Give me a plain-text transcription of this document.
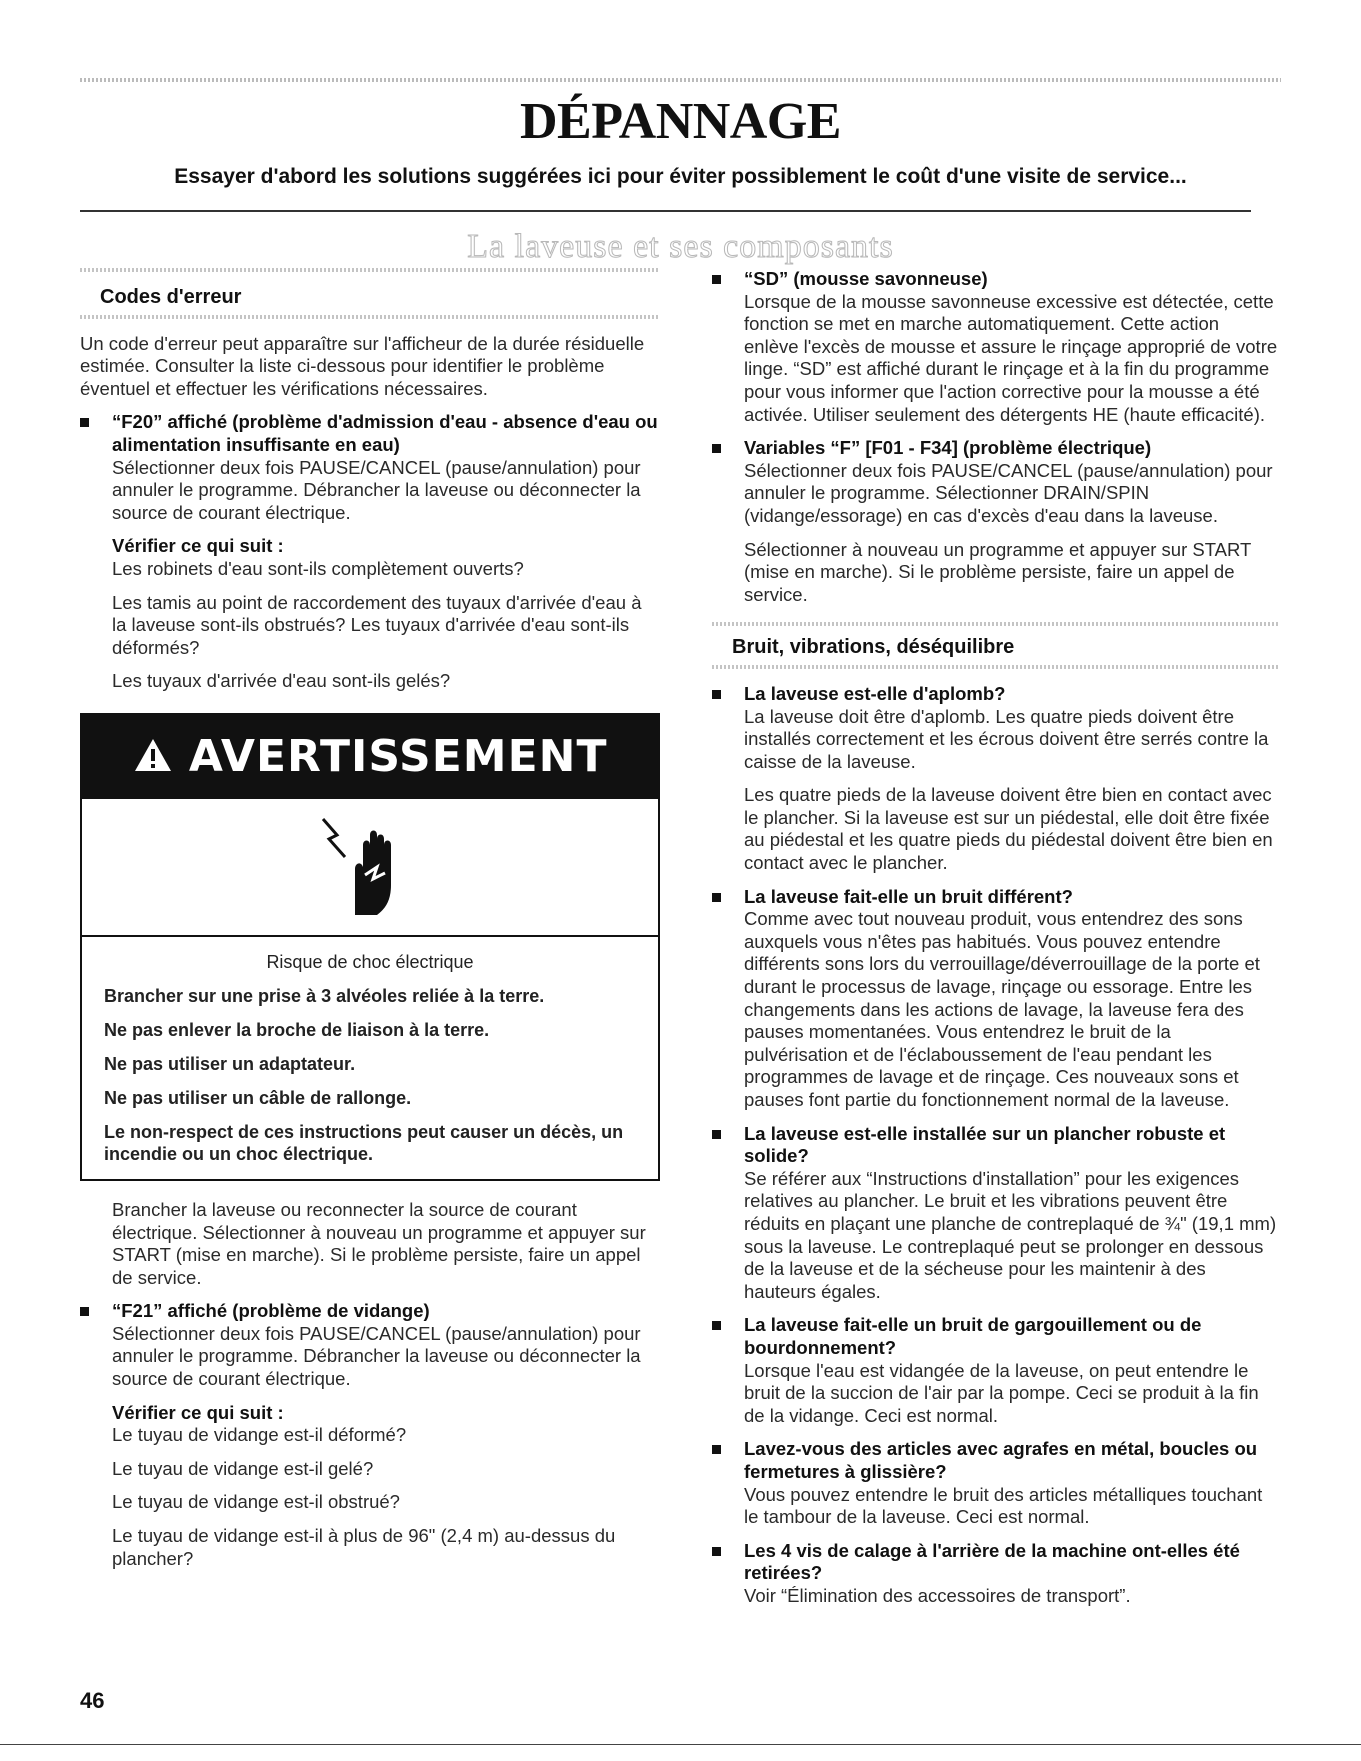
DÉPANNAGE
Essayer d'abord les solutions suggérées ici pour éviter possiblement le coût d'une visite de service...
La laveuse et ses composants
Codes d'erreur

Un code d'erreur peut apparaître sur l'afficheur de la durée résiduelle estimée. Consulter la liste ci-dessous pour identifier le problème éventuel et effectuer les vérifications nécessaires.

“F20” affiché (problème d'admission d'eau - absence d'eau ou alimentation insuffisante en eau)

Sélectionner deux fois PAUSE/CANCEL (pause/annulation) pour annuler le programme. Débrancher la laveuse ou déconnecter la source de courant électrique.

Vérifier ce qui suit :

Les robinets d'eau sont-ils complètement ouverts?

Les tamis au point de raccordement des tuyaux d'arrivée d'eau à la laveuse sont-ils obstrués? Les tuyaux d'arrivée d'eau sont-ils déformés?

Les tuyaux d'arrivée d'eau sont-ils gelés?

AVERTISSEMENT

Risque de choc électrique

Brancher sur une prise à 3 alvéoles reliée à la terre.

Ne pas enlever la broche de liaison à la terre.

Ne pas utiliser un adaptateur.

Ne pas utiliser un câble de rallonge.

Le non-respect de ces instructions peut causer un décès, un incendie ou un choc électrique.

Brancher la laveuse ou reconnecter la source de courant électrique. Sélectionner à nouveau un programme et appuyer sur START (mise en marche). Si le problème persiste, faire un appel de service.

“F21” affiché (problème de vidange)

Sélectionner deux fois PAUSE/CANCEL (pause/annulation) pour annuler le programme. Débrancher la laveuse ou déconnecter la source de courant électrique.

Vérifier ce qui suit :

Le tuyau de vidange est-il déformé?

Le tuyau de vidange est-il gelé?

Le tuyau de vidange est-il obstrué?

Le tuyau de vidange est-il à plus de 96" (2,4 m) au-dessus du plancher?

“SD” (mousse savonneuse)

Lorsque de la mousse savonneuse excessive est détectée, cette fonction se met en marche automatiquement. Cette action enlève l'excès de mousse et assure le rinçage approprié de votre linge. “SD” est affiché durant le rinçage et à la fin du programme pour vous informer que l'action corrective pour la mousse a été activée. Utiliser seulement des détergents HE (haute efficacité).

Variables “F” [F01 - F34] (problème électrique)

Sélectionner deux fois PAUSE/CANCEL (pause/annulation) pour annuler le programme. Sélectionner DRAIN/SPIN (vidange/essorage) en cas d'excès d'eau dans la laveuse.

Sélectionner à nouveau un programme et appuyer sur START (mise en marche). Si le problème persiste, faire un appel de service.

Bruit, vibrations, déséquilibre

La laveuse est-elle d'aplomb?

La laveuse doit être d'aplomb. Les quatre pieds doivent être installés correctement et les écrous doivent être serrés contre la caisse de la laveuse.

Les quatre pieds de la laveuse doivent être bien en contact avec le plancher. Si la laveuse est sur un piédestal, elle doit être fixée au piédestal et les quatre pieds du piédestal doivent être bien en contact avec le plancher.

La laveuse fait-elle un bruit différent?

Comme avec tout nouveau produit, vous entendrez des sons auxquels vous n'êtes pas habitués. Vous pouvez entendre différents sons lors du verrouillage/déverrouillage de la porte et durant le processus de lavage, rinçage ou essorage. Entre les changements dans les actions de lavage, la laveuse fera des pauses momentanées. Vous entendrez le bruit de la pulvérisation et de l'éclaboussement de l'eau pendant les programmes de lavage et de rinçage. Ces nouveaux sons et pauses font partie du fonctionnement normal de la laveuse.

La laveuse est-elle installée sur un plancher robuste et solide?

Se référer aux “Instructions d'installation” pour les exigences relatives au plancher. Le bruit et les vibrations peuvent être réduits en plaçant une planche de contreplaqué de ¾" (19,1 mm) sous la laveuse. Le contreplaqué peut se prolonger en dessous de la laveuse et de la sécheuse pour les maintenir à des hauteurs égales.

La laveuse fait-elle un bruit de gargouillement ou de bourdonnement?

Lorsque l'eau est vidangée de la laveuse, on peut entendre le bruit de la succion de l'air par la pompe. Ceci se produit à la fin de la vidange. Ceci est normal.

Lavez-vous des articles avec agrafes en métal, boucles ou fermetures à glissière?

Vous pouvez entendre le bruit des articles métalliques touchant le tambour de la laveuse. Ceci est normal.

Les 4 vis de calage à l'arrière de la machine ont-elles été retirées?

Voir “Élimination des accessoires de transport”.

46
